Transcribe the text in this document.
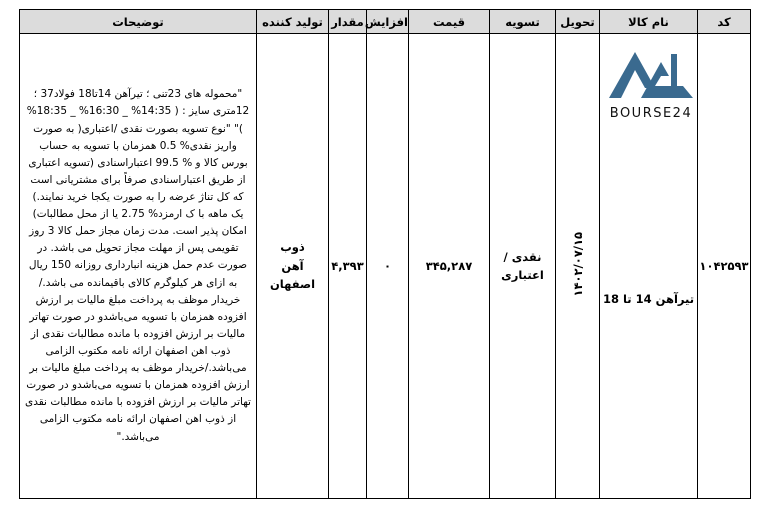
کد	نام کالا	تحویل	تسویه	قیمت	افزایش	مقدار	تولید کننده	توضیحات
۱۰۴۲۵۹۳	تیرآهن 14 تا 18	۱۴۰۲/۰۷/۱۵	نقدی / اعتباری	۳۴۵,۲۸۷	۰	۴,۳۹۳	ذوب آهن اصفهان	"محموله های 23تنی ؛ تیرآهن 14تا18 فولاد37 ؛ 12متری سایز : ( 14:35% _ 16:30% _ 18:35% )" "نوع تسویه بصورت نقدی /اعتباری( به صورت واریز نقدی% 0.5 همزمان با تسویه به حساب بورس کالا و % 99.5 اعتباراسنادی (تسویه اعتباری از طریق اعتباراسنادی صرفاً برای مشتریانی است که کل تناژ عرضه را به صورت یکجا خرید نمایند.) یک ماهه با ک ارمزد% 2.75 یا از محل مطالبات) امکان پذیر است. مدت زمان مجاز حمل کالا 3 روز تقویمی پس از مهلت مجاز تحویل می باشد. در صورت عدم حمل هزینه انبارداری روزانه 150 ریال به ازای هر کیلوگرم کالای باقیمانده می باشد./خریدار موظف به پرداخت مبلغ مالیات بر ارزش افزوده همزمان با تسویه می‌باشدو در صورت تهاتر مالیات بر ارزش افزوده با مانده مطالبات نقدی از ذوب اهن اصفهان ارائه نامه مکتوب الزامی می‌باشد./خریدار موظف به پرداخت مبلغ مالیات بر ارزش افزوده همزمان با تسویه می‌باشدو در صورت تهاتر مالیات بر ارزش افزوده با مانده مطالبات نقدی از ذوب اهن اصفهان ارائه نامه مکتوب الزامی می‌باشد."
BOURSE24
